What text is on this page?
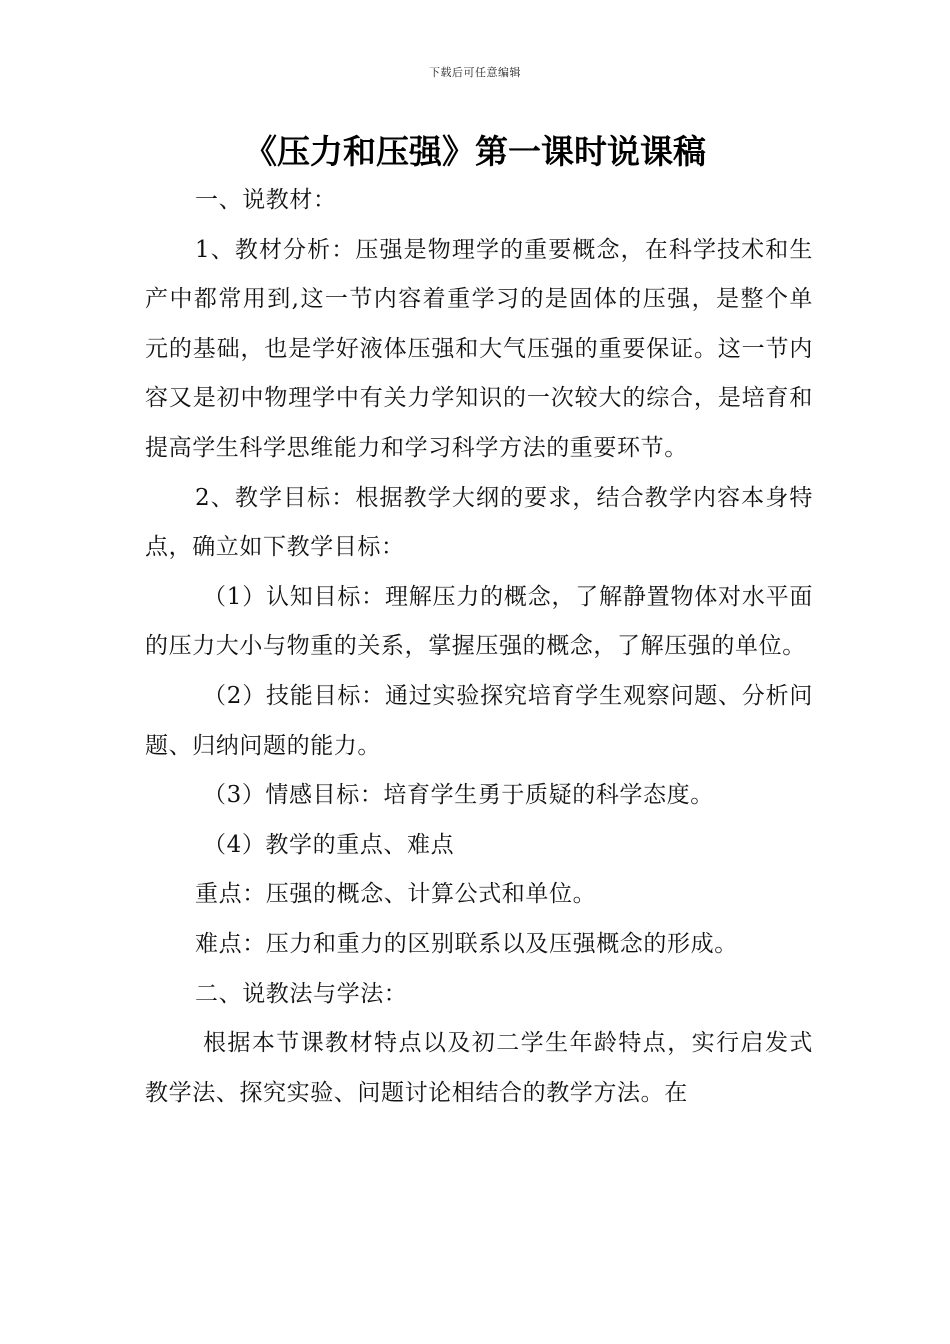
下载后可任意编辑
《压力和压强》第一课时说课稿

一、说教材：

1、教材分析：压强是物理学的重要概念，在科学技术和生产中都常用到,这一节内容着重学习的是固体的压强，是整个单元的基础，也是学好液体压强和大气压强的重要保证。这一节内容又是初中物理学中有关力学知识的一次较大的综合，是培育和提高学生科学思维能力和学习科学方法的重要环节。

2、教学目标：根据教学大纲的要求，结合教学内容本身特点，确立如下教学目标：

（1）认知目标：理解压力的概念，了解静置物体对水平面的压力大小与物重的关系，掌握压强的概念，了解压强的单位。

（2）技能目标：通过实验探究培育学生观察问题、分析问题、归纳问题的能力。

（3）情感目标：培育学生勇于质疑的科学态度。

（4）教学的重点、难点

重点：压强的概念、计算公式和单位。

难点：压力和重力的区别联系以及压强概念的形成。

二、说教法与学法：

根据本节课教材特点以及初二学生年龄特点，实行启发式教学法、探究实验、问题讨论相结合的教学方法。在
